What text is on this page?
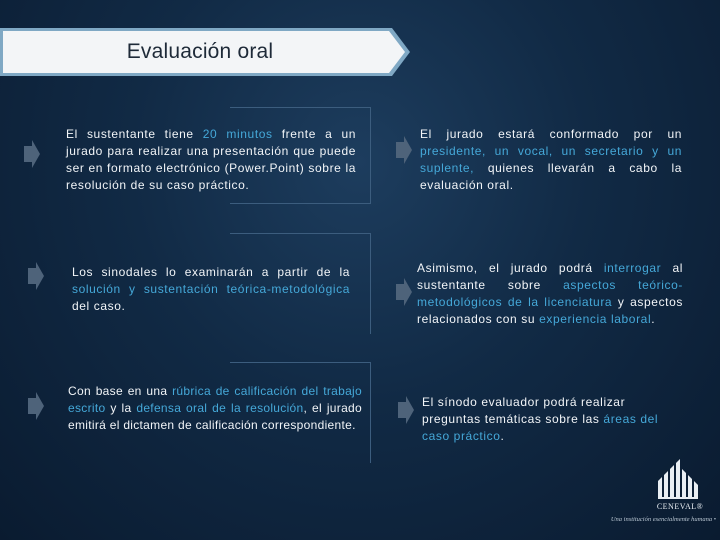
Evaluación oral
El sustentante tiene 20 minutos frente a un jurado para realizar una presentación que puede ser en formato electrónico (Power.Point) sobre la resolución de su caso práctico.
El jurado estará conformado por un presidente, un vocal, un secretario y un suplente, quienes llevarán a cabo la evaluación oral.
Los sinodales lo examinarán a partir de la solución y sustentación teórica-metodológica del caso.
Asimismo, el jurado podrá interrogar al sustentante sobre aspectos teórico-metodológicos de la licenciatura y aspectos relacionados con su experiencia laboral.
Con base en una rúbrica de calificación del trabajo escrito y la defensa oral de la resolución, el jurado emitirá el dictamen de calificación correspondiente.
El sínodo evaluador podrá realizar preguntas temáticas sobre las áreas del caso práctico.
CENEVAL®
Una institución esencialmente humana •
